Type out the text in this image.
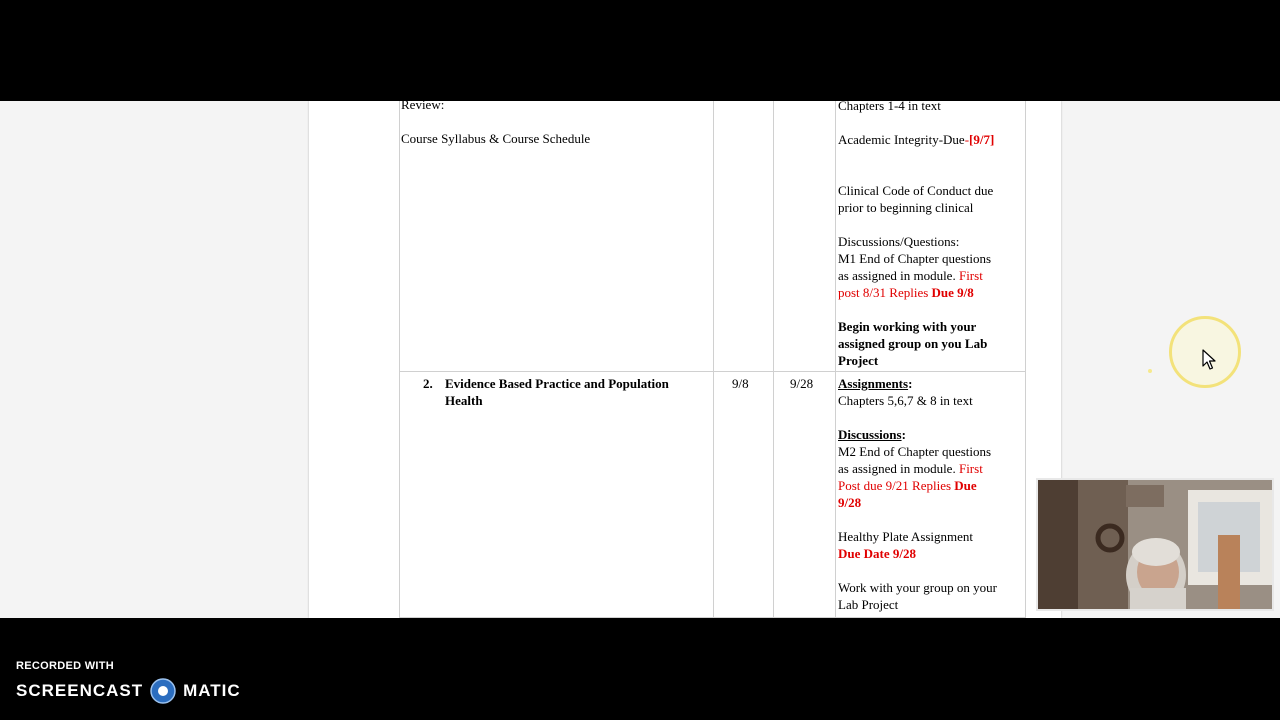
Review:
Course Syllabus & Course Schedule
Chapters 1-4 in text
Academic Integrity-Due-[9/7]
Clinical Code of Conduct due
prior to beginning clinical
Discussions/Questions:
M1 End of Chapter questions
as assigned in module. First
post 8/31 Replies Due 9/8
Begin working with your
assigned group on you Lab
Project
2. Evidence Based Practice and Population
Health
9/8	9/28 Assignments:
Chapters 5,6,7 & 8 in text
Discussions:
M2 End of Chapter questions
as assigned in module. First
Post due 9/21 Replies Due
9/28
Healthy Plate Assignment
Due Date 9/28
Work with your group on your
Lab Project
RECORDED WITH
SCREENCAST MATIC
